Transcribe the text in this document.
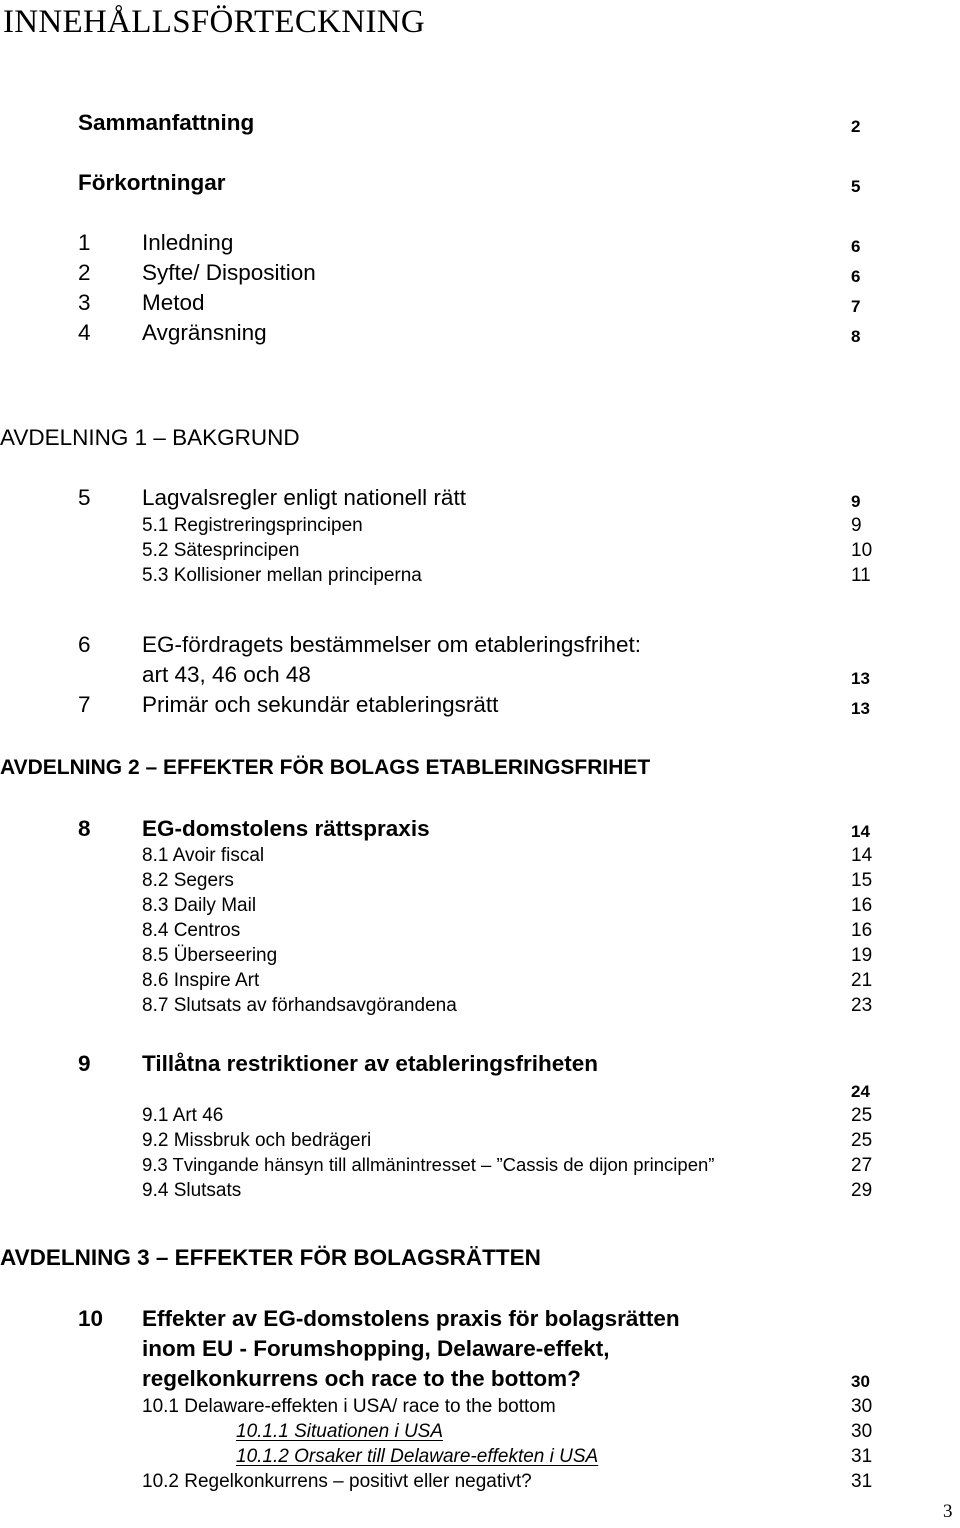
INNEHÅLLSFÖRTECKNING
Sammanfattning	2
Förkortningar	5
1 Inledning	6
2 Syfte/ Disposition	6
3 Metod	7
4 Avgränsning	8
AVDELNING 1 – BAKGRUND
5 Lagvalsregler enligt nationell rätt	9
5.1 Registreringsprincipen	9
5.2 Sätesprincipen	10
5.3 Kollisioner mellan principerna	11
6 EG-fördragets bestämmelser om etableringsfrihet:
art 43, 46 och 48	13
7 Primär och sekundär etableringsrätt	13
AVDELNING 2 – EFFEKTER FÖR BOLAGS ETABLERINGSFRIHET
8 EG-domstolens rättspraxis	14
8.1 Avoir fiscal	14
8.2 Segers	15
8.3 Daily Mail	16
8.4 Centros	16
8.5 Überseering	19
8.6 Inspire Art	21
8.7 Slutsats av förhandsavgörandena	23
9 Tillåtna restriktioner av etableringsfriheten
24
9.1 Art 46	25
9.2 Missbruk och bedrägeri	25
9.3 Tvingande hänsyn till allmänintresset – ”Cassis de dijon principen”	27
9.4 Slutsats	29
AVDELNING 3 – EFFEKTER FÖR BOLAGSRÄTTEN
10 Effekter av EG-domstolens praxis för bolagsrätten
inom EU - Forumshopping, Delaware-effekt,
regelkonkurrens och race to the bottom?	30
10.1 Delaware-effekten i USA/ race to the bottom	30
10.1.1 Situationen i USA	30
10.1.2 Orsaker till Delaware-effekten i USA	31
10.2 Regelkonkurrens – positivt eller negativt?	31
3
